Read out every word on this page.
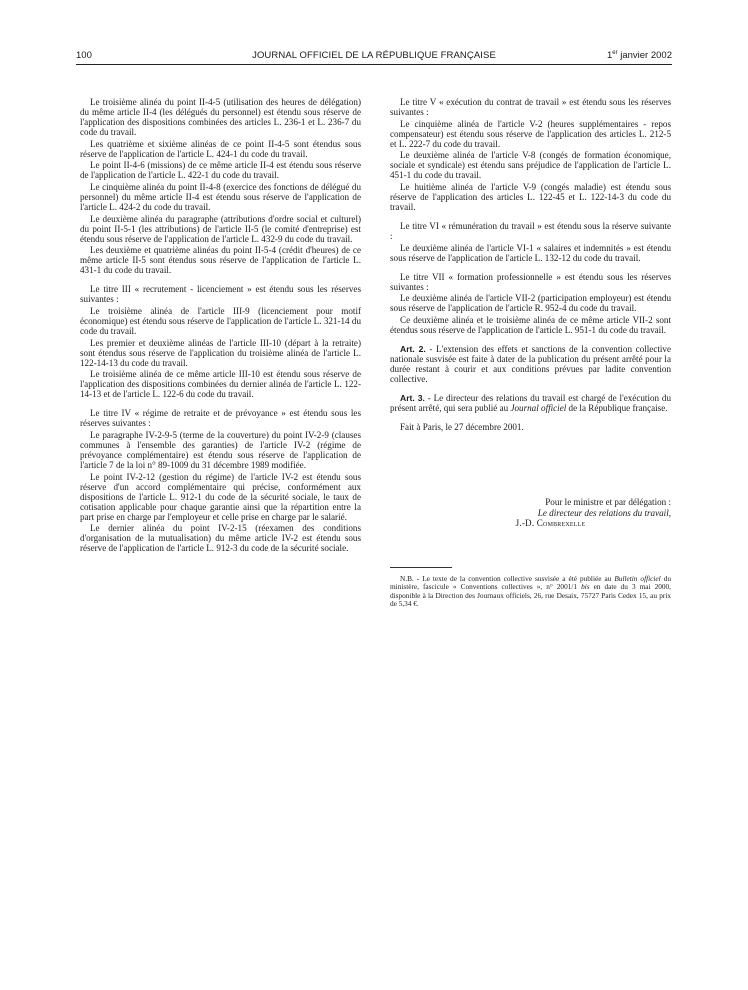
100	JOURNAL OFFICIEL DE LA RÉPUBLIQUE FRANÇAISE	1er janvier 2002

Le troisième alinéa du point II-4-5 (utilisation des heures de délégation) du même article II-4 (les délégués du personnel) est étendu sous réserve de l'application des dispositions combinées des articles L. 236-1 et L. 236-7 du code du travail.

Les quatrième et sixième alinéas de ce point II-4-5 sont étendus sous réserve de l'application de l'article L. 424-1 du code du travail.

Le point II-4-6 (missions) de ce même article II-4 est étendu sous réserve de l'application de l'article L. 422-1 du code du travail.

Le cinquième alinéa du point II-4-8 (exercice des fonctions de délégué du personnel) du même article II-4 est étendu sous réserve de l'application de l'article L. 424-2 du code du travail.

Le deuxième alinéa du paragraphe (attributions d'ordre social et culturel) du point II-5-1 (les attributions) de l'article II-5 (le comité d'entreprise) est étendu sous réserve de l'application de l'article L. 432-9 du code du travail.

Les deuxième et quatrième alinéas du point II-5-4 (crédit d'heures) de ce même article II-5 sont étendus sous réserve de l'application de l'article L. 431-1 du code du travail.

Le titre III « recrutement - licenciement » est étendu sous les réserves suivantes :

Le troisième alinéa de l'article III-9 (licenciement pour motif économique) est étendu sous réserve de l'application de l'article L. 321-14 du code du travail.

Les premier et deuxième alinéas de l'article III-10 (départ à la retraite) sont étendus sous réserve de l'application du troisième alinéa de l'article L. 122-14-13 du code du travail.

Le troisième alinéa de ce même article III-10 est étendu sous réserve de l'application des dispositions combinées du dernier alinéa de l'article L. 122-14-13 et de l'article L. 122-6 du code du travail.

Le titre IV « régime de retraite et de prévoyance » est étendu sous les réserves suivantes :

Le paragraphe IV-2-9-5 (terme de la couverture) du point IV-2-9 (clauses communes à l'ensemble des garanties) de l'article IV-2 (régime de prévoyance complémentaire) est étendu sous réserve de l'application de l'article 7 de la loi n° 89-1009 du 31 décembre 1989 modifiée.

Le point IV-2-12 (gestion du régime) de l'article IV-2 est étendu sous réserve d'un accord complémentaire qui précise, conformément aux dispositions de l'article L. 912-1 du code de la sécurité sociale, le taux de cotisation applicable pour chaque garantie ainsi que la répartition entre la part prise en charge par l'employeur et celle prise en charge par le salarié.

Le dernier alinéa du point IV-2-15 (réexamen des conditions d'organisation de la mutualisation) du même article IV-2 est étendu sous réserve de l'application de l'article L. 912-3 du code de la sécurité sociale.

Le titre V « exécution du contrat de travail » est étendu sous les réserves suivantes :

Le cinquième alinéa de l'article V-2 (heures supplémentaires - repos compensateur) est étendu sous réserve de l'application des articles L. 212-5 et L. 222-7 du code du travail.

Le deuxième alinéa de l'article V-8 (congés de formation économique, sociale et syndicale) est étendu sans préjudice de l'application de l'article L. 451-1 du code du travail.

Le huitième alinéa de l'article V-9 (congés maladie) est étendu sous réserve de l'application des articles L. 122-45 et L. 122-14-3 du code du travail.

Le titre VI « rémunération du travail » est étendu sous la réserve suivante :

Le deuxième alinéa de l'article VI-1 « salaires et indemnités » est étendu sous réserve de l'application de l'article L. 132-12 du code du travail.

Le titre VII « formation professionnelle » est étendu sous les réserves suivantes :

Le deuxième alinéa de l'article VII-2 (participation employeur) est étendu sous réserve de l'application de l'article R. 952-4 du code du travail.

Ce deuxième alinéa et le troisième alinéa de ce même article VII-2 sont étendus sous réserve de l'application de l'article L. 951-1 du code du travail.

Art. 2. - L'extension des effets et sanctions de la convention collective nationale susvisée est faite à dater de la publication du présent arrêté pour la durée restant à courir et aux conditions prévues par ladite convention collective.

Art. 3. - Le directeur des relations du travail est chargé de l'exécution du présent arrêté, qui sera publié au Journal officiel de la République française.

Fait à Paris, le 27 décembre 2001.

Pour le ministre et par délégation :
Le directeur des relations du travail,
J.-D. Combrexelle
N.B. - Le texte de la convention collective susvisée a été publiée au Bulletin officiel du ministère, fascicule « Conventions collectives », n° 2001/1 bis en date du 3 mai 2000, disponible à la Direction des Journaux officiels, 26, rue Desaix, 75727 Paris Cedex 15, au prix de 5,34 €.
